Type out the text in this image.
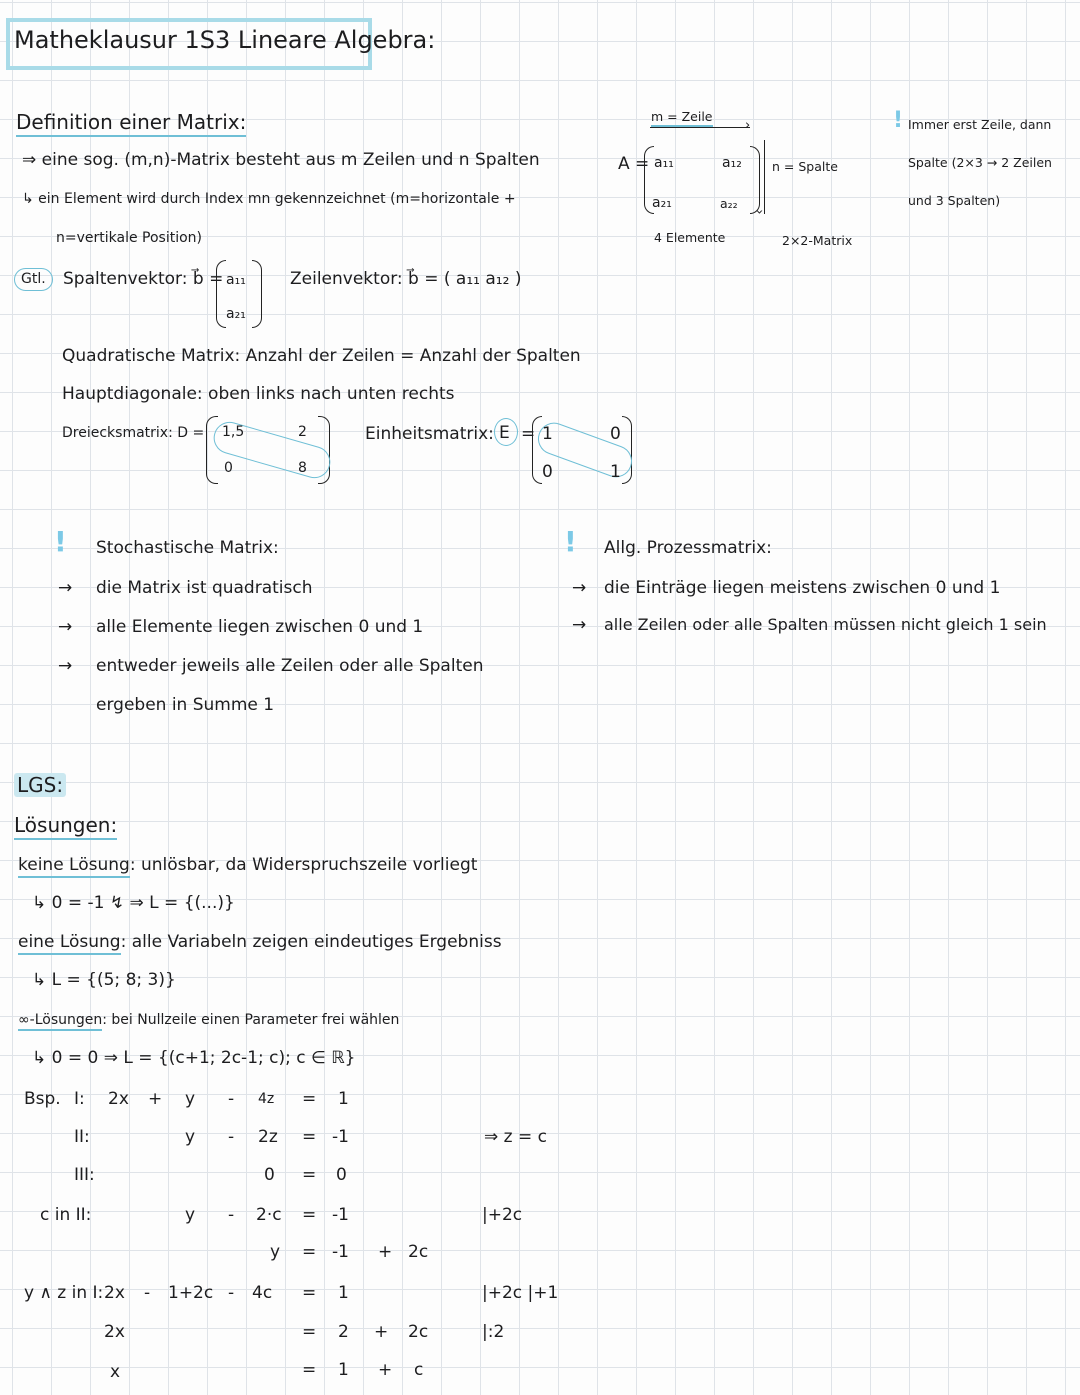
Matheklausur 1S3 Lineare Algebra:
Definition einer Matrix:
⇒ eine sog. (m,n)-Matrix besteht aus m Zeilen und n Spalten
↳ ein Element wird durch Index mn gekennzeichnet (m=horizontale +
n=vertikale Position)
Gtl.	Spaltenvektor: b⃗ = a₁₁
a₂₁
Zeilenvektor: b⃗ = ( a₁₁ a₁₂ )
Quadratische Matrix: Anzahl der Zeilen = Anzahl der Spalten
Hauptdiagonale: oben links nach unten rechts
Dreiecksmatrix: D = 1,5	2
0	8
Einheitsmatrix: E = 1	0
0	1
m = Zeile
›
A = a₁₁	a₁₂
a₂₁	a₂₂
›
n = Spalte
4 Elemente	2×2-Matrix
! Immer erst Zeile, dann
Spalte (2×3 → 2 Zeilen
und 3 Spalten)
! Stochastische Matrix:
→ die Matrix ist quadratisch
→ alle Elemente liegen zwischen 0 und 1
→ entweder jeweils alle Zeilen oder alle Spalten
ergeben in Summe 1
! Allg. Prozessmatrix:
→ die Einträge liegen meistens zwischen 0 und 1
→ alle Zeilen oder alle Spalten müssen nicht gleich 1 sein
LGS:
Lösungen:
keine Lösung: unlösbar, da Widerspruchszeile vorliegt
↳ 0 = -1 ↯ ⇒ L = {(...)}
eine Lösung: alle Variabeln zeigen eindeutiges Ergebniss
↳ L = {(5; 8; 3)}
∞-Lösungen: bei Nullzeile einen Parameter frei wählen
↳ 0 = 0 ⇒ L = {(c+1; 2c-1; c); c ∈ ℝ}
Bsp. I: 2x + y - 4z = 1
II:	y - 2z = -1	⇒ z = c
III:	0 = 0
c in II:	y - 2·c = -1	|+2c
y = -1 + 2c
y ∧ z in I: 2x - 1+2c - 4c = 1	|+2c |+1
2x	= 2 + 2c	|:2
x	= 1 + c
